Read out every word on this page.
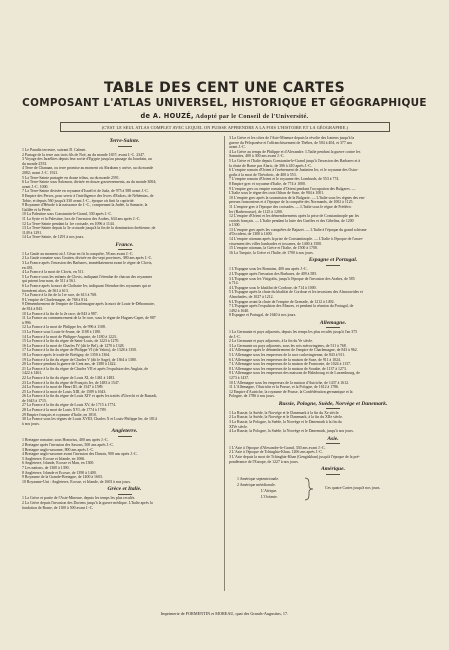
TABLE DES CENT UNE CARTES
COMPOSANT L'ATLAS UNIVERSEL, HISTORIQUE ET GÉOGRAPHIQUE
de A. HOUZÉ, Adopté par le Conseil de l'Université.
(C'EST LE SEUL ATLAS COMPLET AVEC LEQUEL ON PUISSE APPRENDRE A LA FOIS L'HISTOIRE ET LA GÉOGRAPHIE.)
Terre-Sainte.
1 Le Paradis terrestre, suivant D. Calmet.
2 Partage de la terre aux trois fils de Noé, au du monde 1657; avant J.-C. 2347.
3 Voyage des Israélites depuis leur sortie d'Égypte jusqu'au passage du Jourdain, au
du monde 2553.
4 Terre de Chanaan, ou terre promise au moment où Abraham y arrive, au du monde
2082; avant J.-C. 1921.
5 La Terre-Sainte partagée en douze tribus, au du monde 2591.
6 La Terre-Sainte sous Salomon, divisée en douze gouvernements, au du monde 3004;
avant J.-C. 1000.
7 La Terre-Sainte divisée en royaume d'Israël et de Juda, de 975 à 588 avant J.-C.
8 Empire des Perses, pour servir à l'intelligence des livres d'Esdras, de Néhémias, de
Tobie, et depuis 560 jusqu'à 330 avant J.-C., époque où finit la captivité.
9 Royaume d'Hérode à la naissance de J.-C., comprenant la Judée, la Samarie, la
Galilée et la Pérée.
10 La Palestine sous Constantin-le-Grand, 330 après J.-C.
11 La Syrie et la Palestine, lors de l'invasion des Arabes, 634 ans après J.-C.
12 La Terre-Sainte pendant la 1re croisade, en 1096 à 1144.
13 La Terre-Sainte depuis la 3e croisade jusqu'à la fin de la domination chrétienne, de
1149 à 1291.
14 La Terre-Sainte, de 1291 à nos jours.
France.
1 La Gaule au moment où J. César en fit la conquête, 58 ans avant J.-C.
2 La Gaule romaine sous Gratien, divisée en dix-sept provinces, 380 ans après J.-C.
3 La France après l'invasion des Barbares, immédiatement avant le règne de Clovis,
en 481.
4 La France à la mort de Clovis, en 511.
5 La France sous les enfants de Clovis, indiquant l'étendue de chacun des royaumes
qui prirent leur nom, de 511 à 561.
6 La France après la mort de Clothaire Ier, indiquant l'étendue des royaumes qui se
formèrent alors, de 561 à 613.
7 La France à la fin de la 1re race, de 613 à 768.
8 L'empire de Charlemagne, de 768 à 814.
9 Démembrement de l'empire de Charlemagne après la mort de Louis-le-Débonnaire,
de 814 à 843.
10 La France à la fin de la 2e race, de 843 à 987.
11 La France au commencement de la 3e race, sous le règne de Hugues-Capet, de 987
à 996.
12 La France à la mort de Philippe Ier, de 996 à 1108.
13 La France sous Louis-le-Jeune, de 1108 à 1180.
14 La France à la mort de Philippe-Auguste, de 1180 à 1223.
15 La France à la fin du règne de Saint-Louis, de 1223 à 1270.
16 La France à la mort de Charles IV (dit le Bel), de 1270 à 1328.
17 La France à la fin du règne de Philippe VI (de Valois), de 1328 à 1350.
18 La France après le traité de Brétigny, de 1350 à 1364.
19 La France à la fin du règne de Charles V (dit le Sage), de 1364 à 1380.
20 La France pendant la guerre de Cent ans, de 1380 à 1422.
21 La France à la fin du règne de Charles VII et après l'expulsion des Anglais, de
1422 à 1461.
22 La France à la fin du règne de Louis XI, de 1461 à 1483.
23 La France à la fin du règne de François Ier, de 1483 à 1547.
24 La France à la mort de Henri III, de 1547 à 1589.
25 La France à la mort de Louis XIII, de 1589 à 1643.
26 La France à la fin du règne de Louis XIV et après les traités d'Utrecht et de Rastadt,
de 1643 à 1715.
27 La France à la fin du règne de Louis XV, de 1715 à 1774.
28 La France à la mort de Louis XVI, de 1774 à 1789.
29 Empire français et royaume d'Italie, en 1810.
30 La France sous les règnes de Louis XVIII, Charles X et Louis-Philippe Ier, de 1814
à nos jours.
Angleterre.
1 Bretagne romaine, sous Honorius, 400 ans après J.-C.
2 Bretagne après l'invasion des Saxons, 500 ans après J.-C.
3 Bretagne anglo-saxonne, 800 ans après J.-C.
4 Bretagne anglo-saxonne avant l'invasion des Danois, 900 ans après J.-C.
5 Angleterre, Écosse et Irlande, en 1066.
6 Angleterre, Irlande, Écosse et Man, en 1300.
7 Les nations, de 1300 à 1390.
8 Angleterre, Irlande et Écosse, de 1390 à 1400.
9 Royaume de la Grande-Bretagne, de 1400 à 1603.
10 Royaume-Uni : Angleterre, Écosse, et Irlande, de 1603 à nos jours.
Grèce et Italie.
1 La Grèce et partie de l'Asie-Mineure, depuis les temps les plus reculés.
2 La Grèce depuis l'invasion des Doriens jusqu'à la guerre médique. L'Italie après la
fondation de Rome, de 1100 à 500 avant J.-C.
3 La Grèce et les côtes de l'Asie-Mineure depuis la révolte des Ioniens jusqu'à la
guerre du Péloponèse et l'affranchissement de Thèbes, de 504 à 404, et 377 ans
avant J.-C.
4 La Grèce au temps de Philippe et d'Alexandre. L'Italie pendant la guerre contre les
Samnites, 400 à 300 ans avant J.-C.
5 La Grèce et l'Italie depuis Constantin-le-Grand jusqu'à l'invasion des Barbares et à
la chute de Rome par Alaric, de 306 à 410 après J.-C.
6 L'empire romain d'Orient à l'avènement de Justinien Ier, et le royaume des Ostro-
goths à la mort de Théodoric, de 400 à 553.
7 L'empire romain d'Orient et le royaume des Lombards, de 553 à 774.
8 Empire grec et royaume d'Italie, de 774 à 1000.
9 L'empire grec ou empire romain d'Orient pendant l'occupation des Bulgares. —
L'Italie sous le règne des trois Othon de Saxe, de 904 à 1001.
10 L'empire grec après la soumission de la Bulgarie. — L'Italie sous les règnes des em-
pereurs franconiens et à l'époque de la conquête des Normands, de 1002 à 1125.
11 L'empire grec à l'époque des croisades. — L'Italie sous le règne de Frédéric
Ier (Barberousse), de 1125 à 1200.
12 L'empire d'Orient et les démembrements après la prise de Constantinople par les
croisés français. — L'Italie pendant la lutte des Guelfes et des Gibelins, de 1200
à 1300.
13 L'empire grec après les conquêtes de Bajazet. — L'Italie à l'époque du grand schisme
d'Occident, de 1300 à 1400.
14 L'empire ottoman après la prise de Constantinople. — L'Italie à l'époque de l'asser-
vissement des villes lombardes et toscanes, de 1400 à 1500.
15 L'empire ottoman, la Grèce et l'Italie, de 1500 à 1700.
16 La Turquie, la Grèce et l'Italie, de 1700 à nos jours.
Espagne et Portugal.
1 L'Espagne sous les Romains, 400 ans après J.-C.
2 L'Espagne après l'invasion des Barbares, de 409 à 585.
3 L'Espagne sous les Visigoths, jusqu'à l'époque de l'invasion des Arabes, de 585
à 714.
4 L'Espagne sous le khalifat de Cordoue, de 714 à 1000.
5 L'Espagne après la chute du khalifat de Cordoue et les invasions des Almoravides et
Almohades, de 1027 à 1212.
6 L'Espagne avant la chute de l'empire de Grenade, de 1212 à 1492.
7 L'Espagne après l'expulsion des Maures, et pendant la réunion du Portugal, de
1492 à 1640.
8 Espagne et Portugal, de 1640 à nos jours.
Allemagne.
1 La Germanie et pays adjacents, depuis les temps les plus reculés jusqu'à l'an 375
de J.-C.
2 La Germanie et pays adjacents, à la fin du Ve siècle.
3 La Germanie ou pays adjacents, sous les rois mérovingiens, de 511 à 768.
4 L'Allemagne après le démembrement de l'empire de Charlemagne, de 843 à 962.
5 L'Allemagne sous les empereurs de la race carlovingienne, de 843 à 911.
6 L'Allemagne sous les empereurs de la maison de Saxe, de 911 à 1024.
7 L'Allemagne sous les empereurs de la maison de Franconie, de 1024 à 1137.
8 L'Allemagne sous les empereurs de la maison de Souabe, de 1137 à 1273.
9 L'Allemagne sous les empereurs des maisons de Habsbourg et de Luxembourg, de
1273 à 1437.
10 L'Allemagne sous les empereurs de la maison d'Autriche, de 1437 à 1612.
11 L'Allemagne, l'Autriche et la Prusse, et la Pologne, de 1612 à 1786.
12 Empire d'Autriche, la royaume de Prusse, la Confédération germanique et la
Pologne, de 1786 à nos jours.
Russie, Pologne, Suède, Norvège et Danemark.
1 La Russie, la Suède, la Norvège et le Danemark à la fin du Xe siècle.
2 La Russie, la Suède, la Norvège et le Danemark, à la fin du XIIe siècle.
3 La Russie, la Pologne, la Suède, la Norvège et le Danemark à la fin du
XIVe siècle.
4 La Russie, la Pologne, la Suède, la Norvège et le Danemark, jusqu'à nos jours.
Asie.
1 L'Asie à l'époque d'Alexandre-le-Grand, 330 ans avant J.-C.
2 L'Asie à l'époque de Tchinghiz-Khan, 1206 ans après J.-C.
3 L'Asie depuis la mort de Tchinghiz-Khan (Gengiskhan) jusqu'à l'époque de la pré-
pondérance de l'Europe, de 1227 à nos jours.
Amérique.
1 Amérique septentrionale.
2 Amérique méridionale.
L'Afrique.
L'Océanie.
Ces quatre Cartes jusqu'à nos jours.
Imprimerie de FORMENTIN et MOREAU, quai des Grands-Augustins, 17.
